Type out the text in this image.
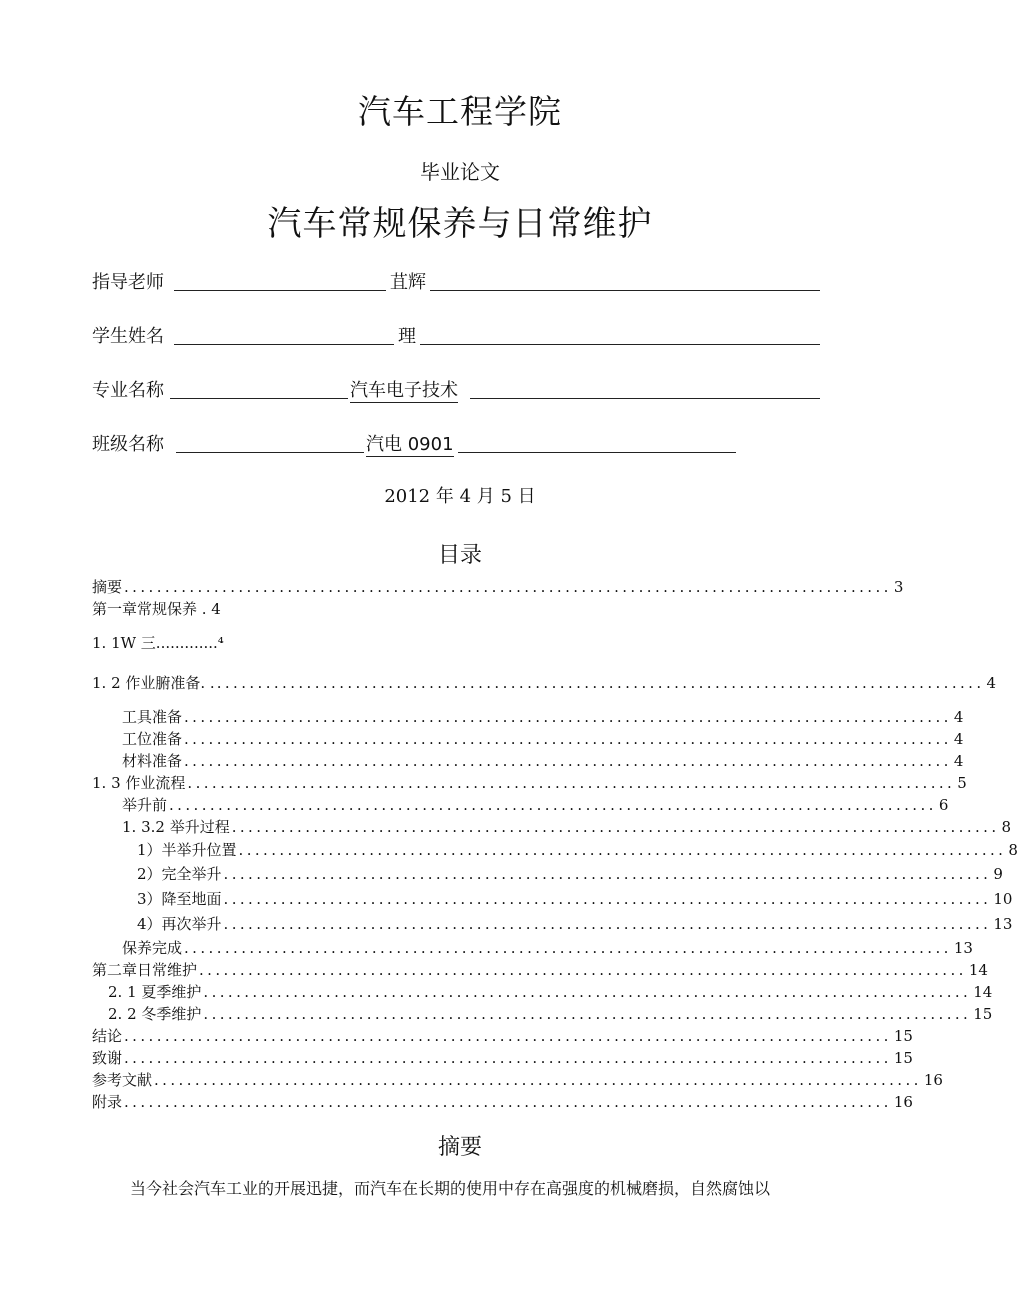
汽车工程学院
毕业论文
汽车常规保养与日常维护
指导老师	苴辉
学生姓名	理
专业名称	汽车电子技术
班级名称	汽电 0901
2012 年 4 月 5 日
目录
摘要 .............................................................................................. 3
第一章常规保养 . 4
1. 1W 三.............⁴
1. 2 作业腑准备. . .............................................................................................. 4
工具准备 .............................................................................................. 4
工位准备 .............................................................................................. 4
材料准备 .............................................................................................. 4
1. 3 作业流程 .............................................................................................. 5
举升前 .............................................................................................. 6
1. 3.2 举升过程 .............................................................................................. 8
1）半举升位置 .............................................................................................. 8
2）完全举升 .............................................................................................. 9
3）降至地面 .............................................................................................. 10
4）再次举升 .............................................................................................. 13
保养完成 .............................................................................................. 13
第二章日常维护 .............................................................................................. 14
2. 1 夏季维护 .............................................................................................. 14
2. 2 冬季维护 .............................................................................................. 15
结论 .............................................................................................. 15
致谢 .............................................................................................. 15
参考文献 .............................................................................................. 16
附录 .............................................................................................. 16
摘要
当今社会汽车工业的开展迅捷，而汽车在长期的使用中存在高强度的机械磨损，自然腐蚀以
